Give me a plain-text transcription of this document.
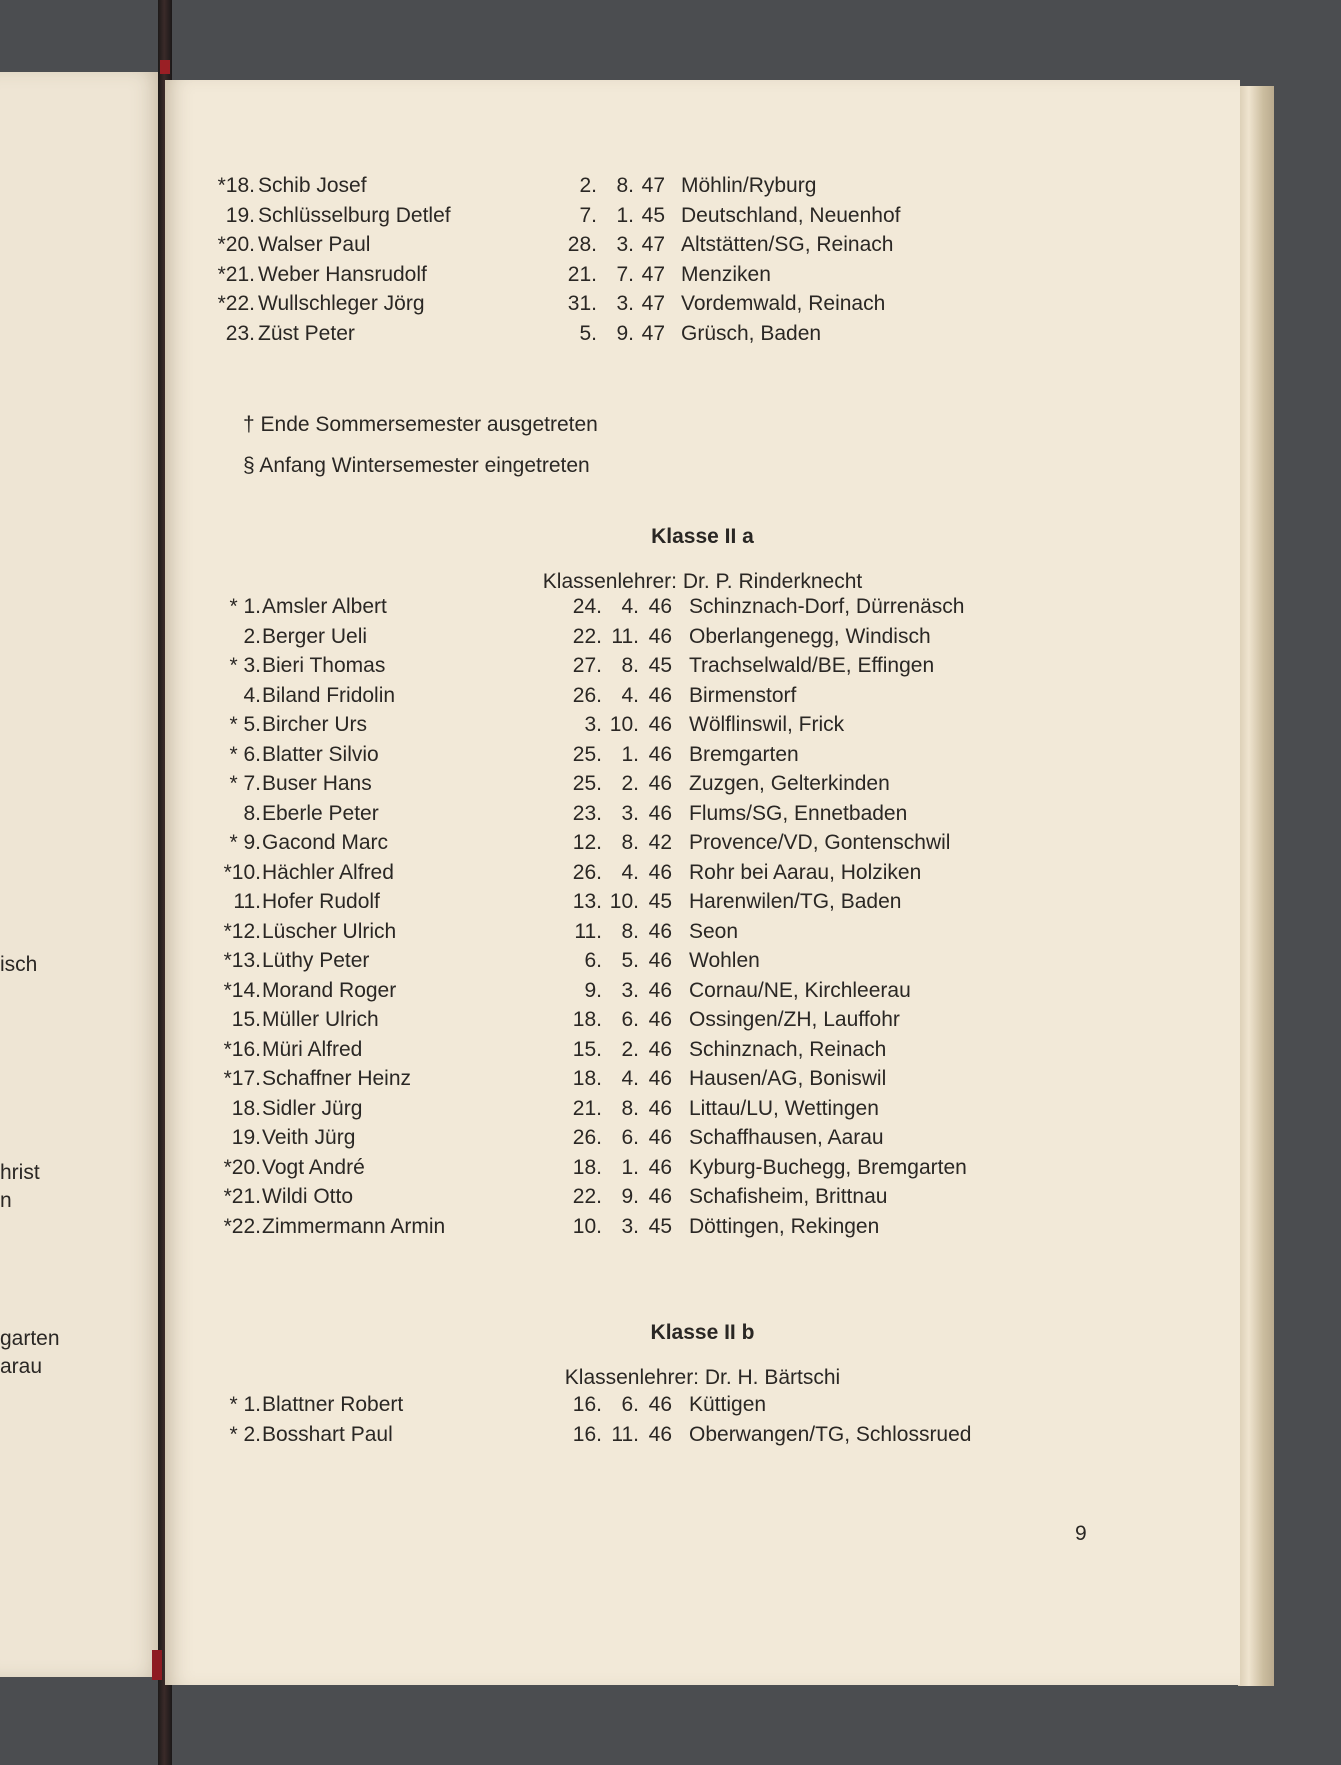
isch
hrist
n
garten
arau
*18. Schib Josef	2. 8. 47 Möhlin/Ryburg
19. Schlüsselburg Detlef	7. 1. 45 Deutschland, Neuenhof
*20. Walser Paul	28. 3. 47 Altstätten/SG, Reinach
*21. Weber Hansrudolf	21. 7. 47 Menziken
*22. Wullschleger Jörg	31. 3. 47 Vordemwald, Reinach
23. Züst Peter	5. 9. 47 Grüsch, Baden
† Ende Sommersemester ausgetreten
§ Anfang Wintersemester eingetreten
Klasse II a
Klassenlehrer: Dr. P. Rinderknecht
* 1. Amsler Albert	24. 4. 46 Schinznach-Dorf, Dürrenäsch
2. Berger Ueli	22. 11. 46 Oberlangenegg, Windisch
* 3. Bieri Thomas	27. 8. 45 Trachselwald/BE, Effingen
4. Biland Fridolin	26. 4. 46 Birmenstorf
* 5. Bircher Urs	3. 10. 46 Wölflinswil, Frick
* 6. Blatter Silvio	25. 1. 46 Bremgarten
* 7. Buser Hans	25. 2. 46 Zuzgen, Gelterkinden
8. Eberle Peter	23. 3. 46 Flums/SG, Ennetbaden
* 9. Gacond Marc	12. 8. 42 Provence/VD, Gontenschwil
*10. Hächler Alfred	26. 4. 46 Rohr bei Aarau, Holziken
11. Hofer Rudolf	13. 10. 45 Harenwilen/TG, Baden
*12. Lüscher Ulrich	11. 8. 46 Seon
*13. Lüthy Peter	6. 5. 46 Wohlen
*14. Morand Roger	9. 3. 46 Cornau/NE, Kirchleerau
15. Müller Ulrich	18. 6. 46 Ossingen/ZH, Lauffohr
*16. Müri Alfred	15. 2. 46 Schinznach, Reinach
*17. Schaffner Heinz	18. 4. 46 Hausen/AG, Boniswil
18. Sidler Jürg	21. 8. 46 Littau/LU, Wettingen
19. Veith Jürg	26. 6. 46 Schaffhausen, Aarau
*20. Vogt André	18. 1. 46 Kyburg-Buchegg, Bremgarten
*21. Wildi Otto	22. 9. 46 Schafisheim, Brittnau
*22. Zimmermann Armin	10. 3. 45 Döttingen, Rekingen
Klasse II b
Klassenlehrer: Dr. H. Bärtschi
* 1. Blattner Robert	16. 6. 46 Küttigen
* 2. Bosshart Paul	16. 11. 46 Oberwangen/TG, Schlossrued
9
